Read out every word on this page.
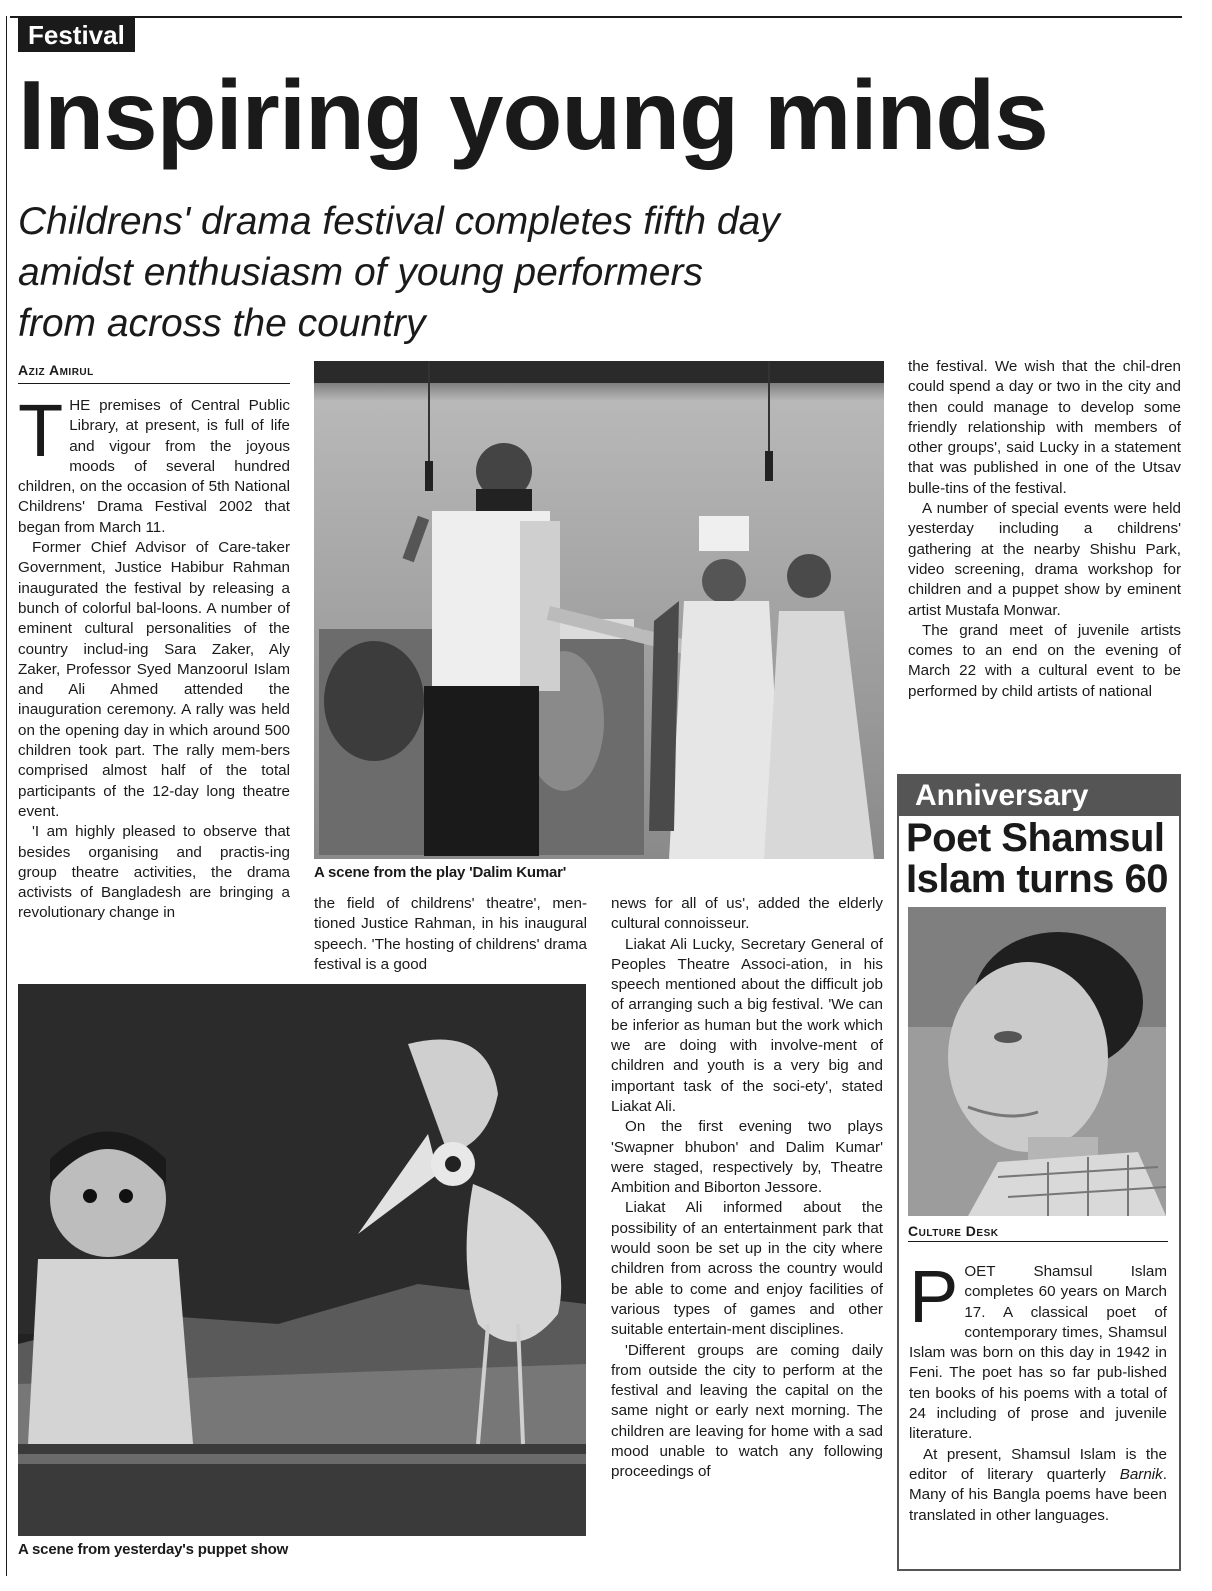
Festival
Inspiring young minds
Childrens' drama festival completes fifth day
amidst enthusiasm of young performers
from across the country
Aziz Amirul

THE premises of Central Public Library, at present, is full of life and vigour from the joyous moods of several hundred children, on the occasion of 5th National Childrens' Drama Festival 2002 that began from March 11.

Former Chief Advisor of Care-taker Government, Justice Habibur Rahman inaugurated the festival by releasing a bunch of colorful bal-loons. A number of eminent cultural personalities of the country includ-ing Sara Zaker, Aly Zaker, Professor Syed Manzoorul Islam and Ali Ahmed attended the inauguration ceremony. A rally was held on the opening day in which around 500 children took part. The rally mem-bers comprised almost half of the total participants of the 12-day long theatre event.

'I am highly pleased to observe that besides organising and practis-ing group theatre activities, the drama activists of Bangladesh are bringing a revolutionary change in

A scene from the play 'Dalim Kumar'

the field of childrens' theatre', men-tioned Justice Rahman, in his inaugural speech. 'The hosting of childrens' drama festival is a good

A scene from yesterday's puppet show

news for all of us', added the elderly cultural connoisseur.

Liakat Ali Lucky, Secretary General of Peoples Theatre Associ-ation, in his speech mentioned about the difficult job of arranging such a big festival. 'We can be inferior as human but the work which we are doing with involve-ment of children and youth is a very big and important task of the soci-ety', stated Liakat Ali.

On the first evening two plays 'Swapner bhubon' and Dalim Kumar' were staged, respectively by, Theatre Ambition and Biborton Jessore.

Liakat Ali informed about the possibility of an entertainment park that would soon be set up in the city where children from across the country would be able to come and enjoy facilities of various types of games and other suitable entertain-ment disciplines.

'Different groups are coming daily from outside the city to perform at the festival and leaving the capital on the same night or early next morning. The children are leaving for home with a sad mood unable to watch any following proceedings of

the festival. We wish that the chil-dren could spend a day or two in the city and then could manage to develop some friendly relationship with members of other groups', said Lucky in a statement that was published in one of the Utsav bulle-tins of the festival.

A number of special events were held yesterday including a childrens' gathering at the nearby Shishu Park, video screening, drama workshop for children and a puppet show by eminent artist Mustafa Monwar.

The grand meet of juvenile artists comes to an end on the evening of March 22 with a cultural event to be performed by child artists of national

Anniversary
Poet Shamsul
Islam turns 60
Culture Desk

POET Shamsul Islam completes 60 years on March 17. A classical poet of contemporary times, Shamsul Islam was born on this day in 1942 in Feni. The poet has so far pub-lished ten books of his poems with a total of 24 including of prose and juvenile literature.

At present, Shamsul Islam is the editor of literary quarterly Barnik. Many of his Bangla poems have been translated in other languages.
